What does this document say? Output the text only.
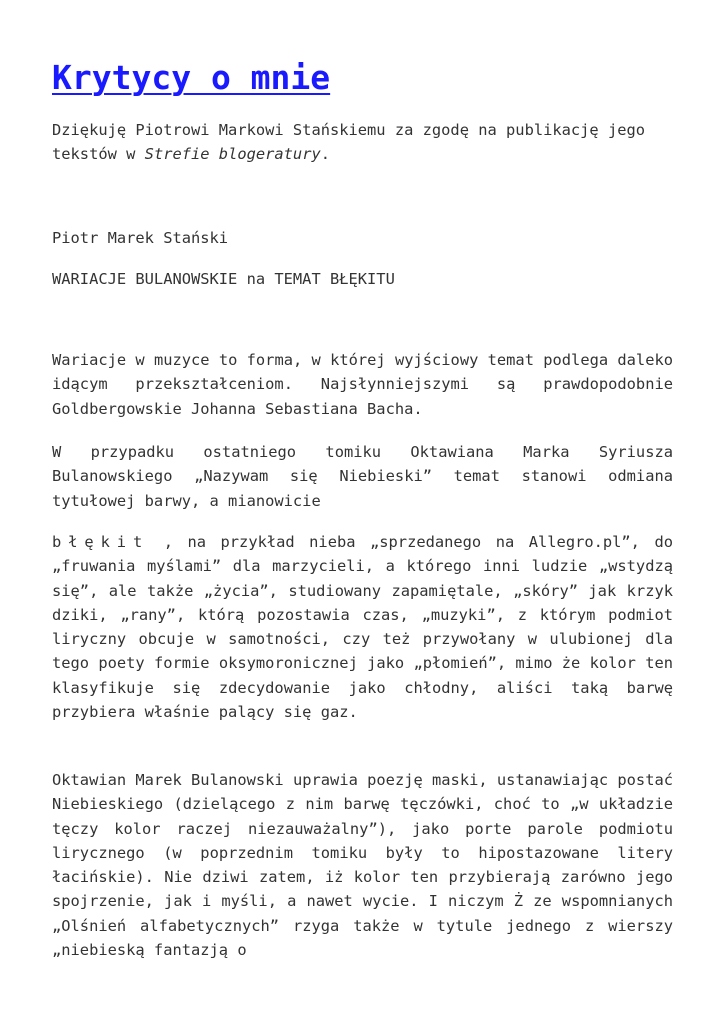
Krytycy o mnie

Dziękuję Piotrowi Markowi Stańskiemu za zgodę na publikację jego tekstów w Strefie blogeratury.

Piotr Marek Stański

WARIACJE BULANOWSKIE na TEMAT BŁĘKITU

Wariacje w muzyce to forma, w której wyjściowy temat podlega daleko idącym przekształceniom. Najsłynniejszymi są prawdopodobnie Goldbergowskie Johanna Sebastiana Bacha.

W przypadku ostatniego tomiku Oktawiana Marka Syriusza Bulanowskiego „Nazywam się Niebieski” temat stanowi odmiana tytułowej barwy, a mianowicie

błękit , na przykład nieba „sprzedanego na Allegro.pl”, do „fruwania myślami” dla marzycieli, a którego inni ludzie „wstydzą się”, ale także „życia”, studiowany zapamiętale, „skóry” jak krzyk dziki, „rany”, którą pozostawia czas, „muzyki”, z którym podmiot liryczny obcuje w samotności, czy też przywołany w ulubionej dla tego poety formie oksymoronicznej jako „płomień”, mimo że kolor ten klasyfikuje się zdecydowanie jako chłodny, aliści taką barwę przybiera właśnie palący się gaz.

Oktawian Marek Bulanowski uprawia poezję maski, ustanawiając postać Niebieskiego (dzielącego z nim barwę tęczówki, choć to „w układzie tęczy kolor raczej niezauważalny”), jako porte parole podmiotu lirycznego (w poprzednim tomiku były to hipostazowane litery łacińskie). Nie dziwi zatem, iż kolor ten przybierają zarówno jego spojrzenie, jak i myśli, a nawet wycie. I niczym Ż ze wspomnianych „Olśnień alfabetycznych” rzyga także w tytule jednego z wierszy „niebieską fantazją o
